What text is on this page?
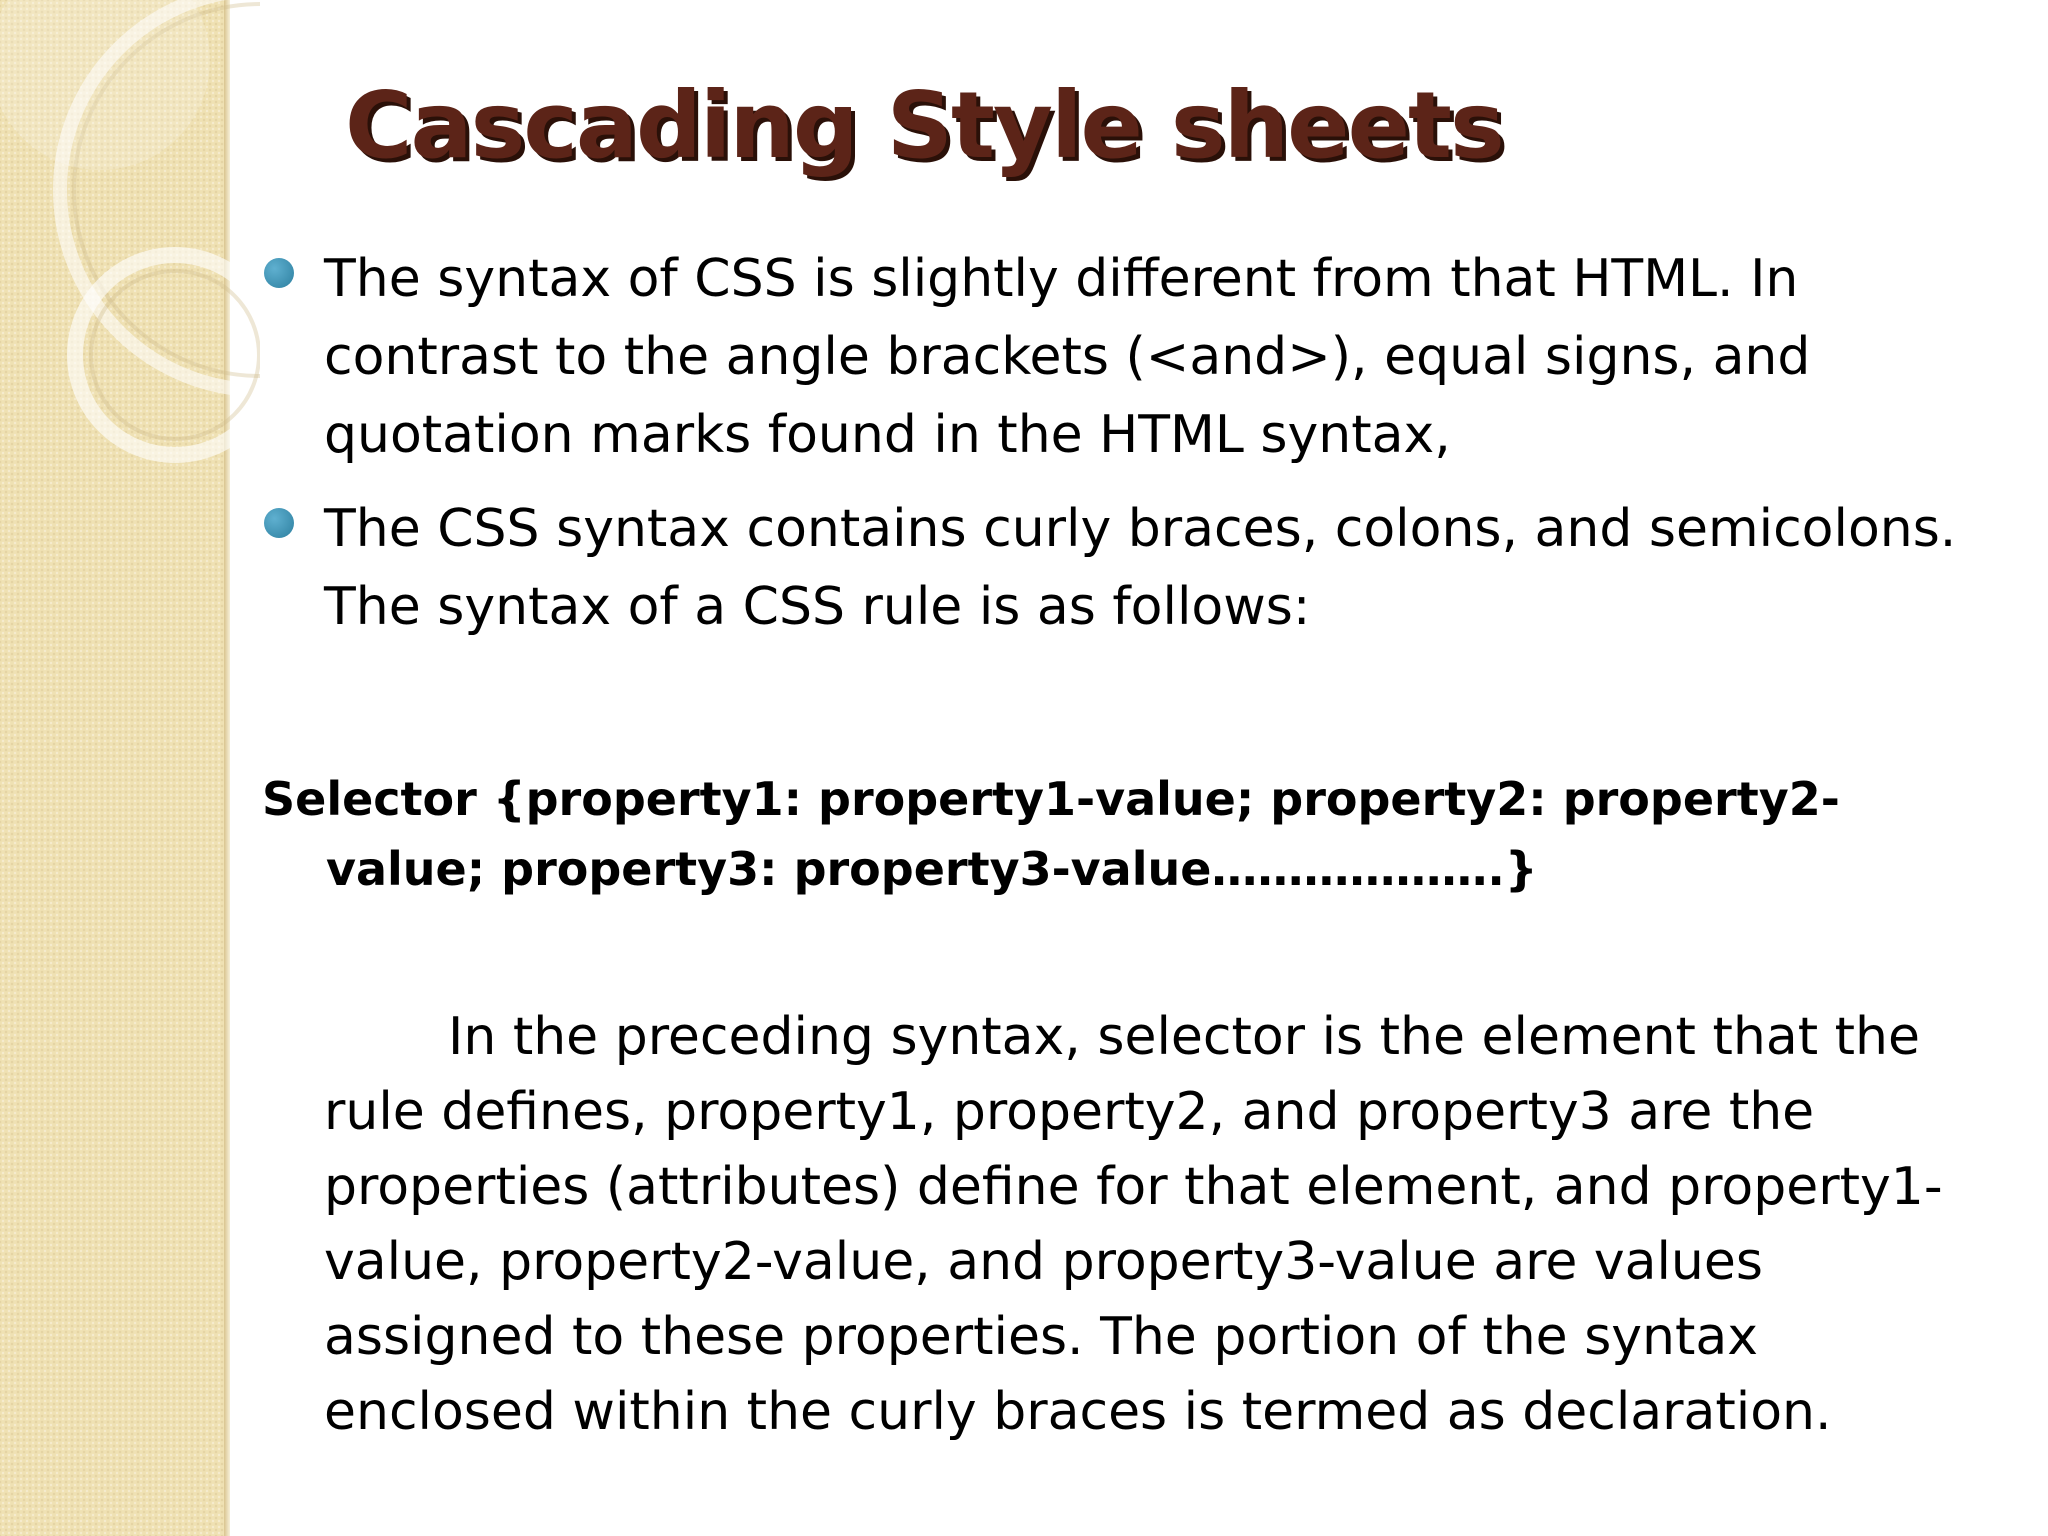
Cascading Style sheets
The syntax of CSS is slightly different from that HTML. In contrast to the angle brackets (<and>), equal signs, and quotation marks found in the HTML syntax,
The CSS syntax contains curly braces, colons, and semicolons. The syntax of a CSS rule is as follows:

Selector {property1: property1-value; property2: property2-value; property3: property3-value……………….}

In the preceding syntax, selector is the element that the rule defines, property1, property2, and property3 are the properties (attributes) define for that element, and property1-value, property2-value, and property3-value are values assigned to these properties. The portion of the syntax enclosed within the curly braces is termed as declaration.
